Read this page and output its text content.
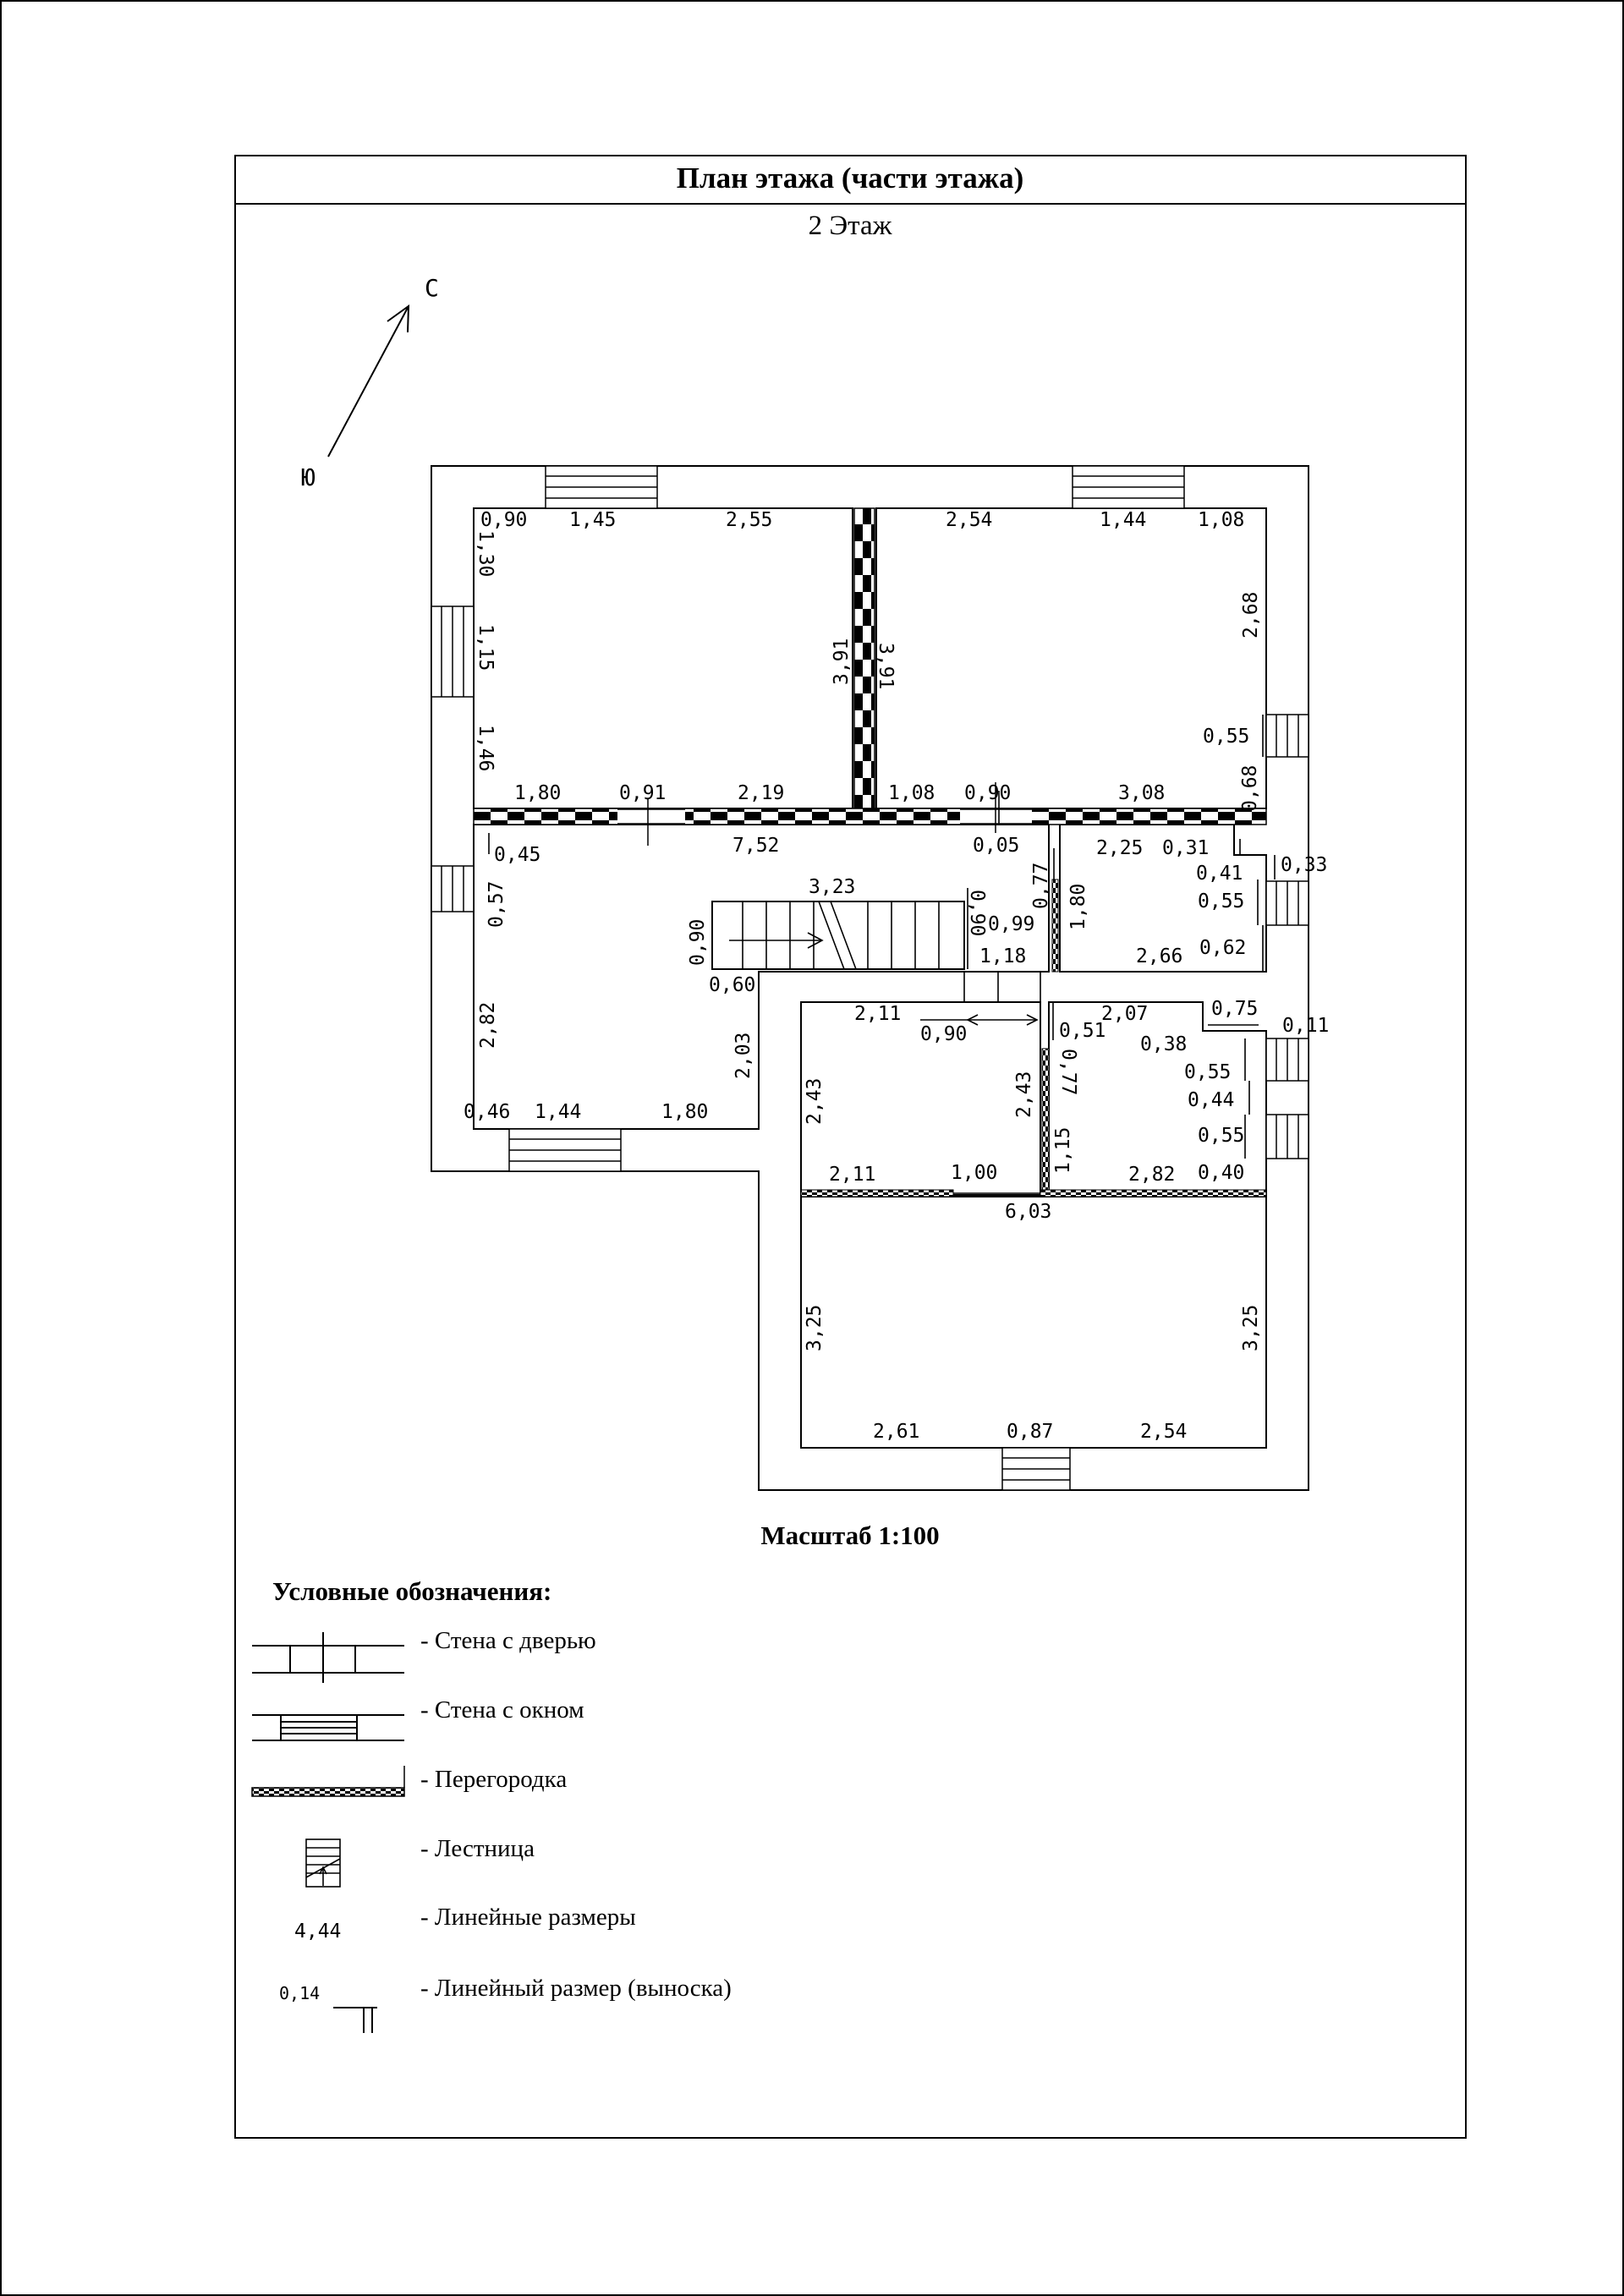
План этажа (части этажа)
2 Этаж
С
Ю
0,90 1,45	2,55	2,54	1,44	1,08
1,30
1,15
1,46
3,91 3,91
2,68
0,55
0,68
1,80	0,91	2,19	1,08 0,90	3,08
0,45
0,57
7,52	0,05
0,77
2,25 0,31
0,41 0,33
3,23
0,90
0,90 0,99 1,80	0,55
0,60
1,18	2,66 0,62
2,11
0,90	0,51
2,07	0,75
0,11
0,38
2,82
2,03
2,43	2,43 0,77	0,55
0,44
1,15	0,55
0,46 1,44	1,80
2,11	1,00	2,82 0,40
6,03
3,25	3,25
2,61	0,87	2,54
Масштаб 1:100
Условные обозначения:
- Стена с дверью
- Стена с окном
- Перегородка
- Лестница
4,44
- Линейные размеры
0,14	- Линейный размер (выноска)
